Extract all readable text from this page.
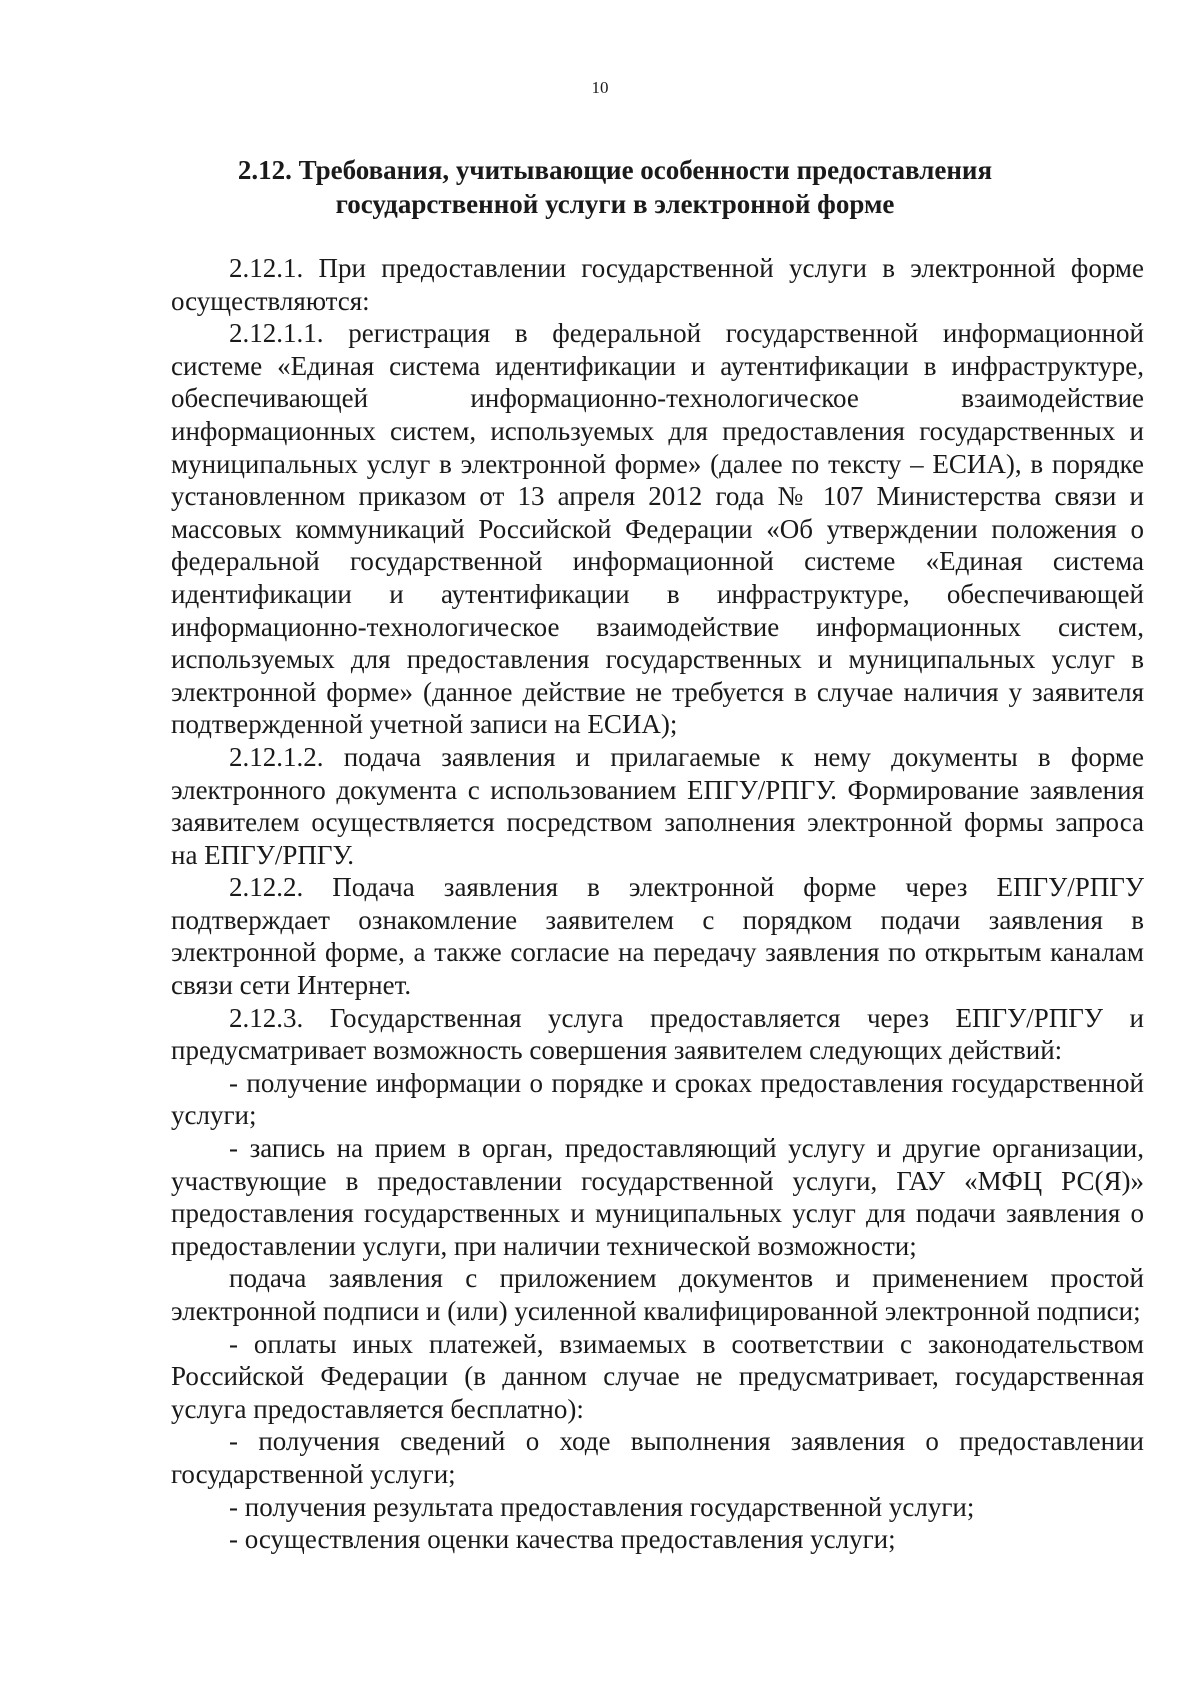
10
2.12. Требования, учитывающие особенности предоставления
государственной услуги в электронной форме

2.12.1. При предоставлении государственной услуги в электронной форме осуществляются:

2.12.1.1. регистрация в федеральной государственной информационной системе «Единая система идентификации и аутентификации в инфраструктуре, обеспечивающей информационно-технологическое взаимодействие информационных систем, используемых для предоставления государственных и муниципальных услуг в электронной форме» (далее по тексту – ЕСИА), в порядке установленном приказом от 13 апреля 2012 года № 107 Министерства связи и массовых коммуникаций Российской Федерации «Об утверждении положения о федеральной государственной информационной системе «Единая система идентификации и аутентификации в инфраструктуре, обеспечивающей информационно-технологическое взаимодействие информационных систем, используемых для предоставления государственных и муниципальных услуг в электронной форме» (данное действие не требуется в случае наличия у заявителя подтвержденной учетной записи на ЕСИА);

2.12.1.2. подача заявления и прилагаемые к нему документы в форме электронного документа с использованием ЕПГУ/РПГУ. Формирование заявления заявителем осуществляется посредством заполнения электронной формы запроса на ЕПГУ/РПГУ.

2.12.2. Подача заявления в электронной форме через ЕПГУ/РПГУ подтверждает ознакомление заявителем с порядком подачи заявления в электронной форме, а также согласие на передачу заявления по открытым каналам связи сети Интернет.

2.12.3. Государственная услуга предоставляется через ЕПГУ/РПГУ и предусматривает возможность совершения заявителем следующих действий:

- получение информации о порядке и сроках предоставления государственной услуги;

- запись на прием в орган, предоставляющий услугу и другие организации, участвующие в предоставлении государственной услуги, ГАУ «МФЦ РС(Я)» предоставления государственных и муниципальных услуг для подачи заявления о предоставлении услуги, при наличии технической возможности;

подача заявления с приложением документов и применением простой электронной подписи и (или) усиленной квалифицированной электронной подписи;

- оплаты иных платежей, взимаемых в соответствии с законодательством Российской Федерации (в данном случае не предусматривает, государственная услуга предоставляется бесплатно):

- получения сведений о ходе выполнения заявления о предоставлении государственной услуги;

- получения результата предоставления государственной услуги;

- осуществления оценки качества предоставления услуги;
